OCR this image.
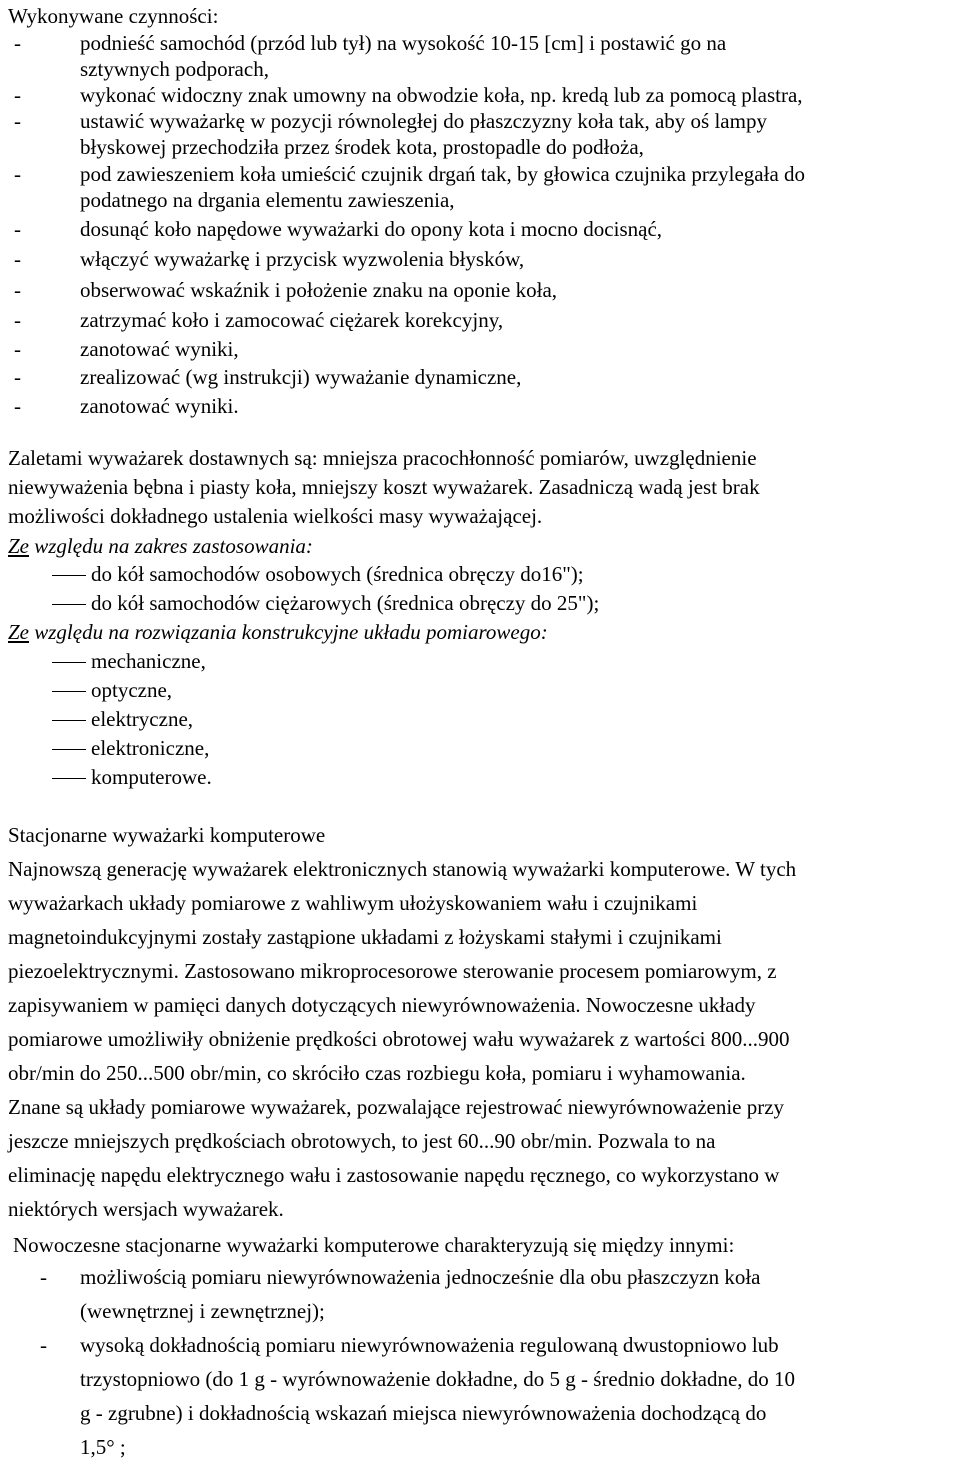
Wykonywane czynności:
-	podnieść samochód (przód lub tył) na wysokość 10-15 [cm] i postawić go na
sztywnych podporach,
-	wykonać widoczny znak umowny na obwodzie koła, np. kredą lub za pomocą plastra,
-	ustawić wyważarkę w pozycji równoległej do płaszczyzny koła tak, aby oś lampy
błyskowej przechodziła przez środek kota, prostopadle do podłoża,
-	pod zawieszeniem koła umieścić czujnik drgań tak, by głowica czujnika przylegała do
podatnego na drgania elementu zawieszenia,
-	dosunąć koło napędowe wyważarki do opony kota i mocno docisnąć,
-	włączyć wyważarkę i przycisk wyzwolenia błysków,
-	obserwować wskaźnik i położenie znaku na oponie koła,
-	zatrzymać koło i zamocować ciężarek korekcyjny,
-	zanotować wyniki,
-	zrealizować (wg instrukcji) wyważanie dynamiczne,
-	zanotować wyniki.
Zaletami wyważarek dostawnych są: mniejsza pracochłonność pomiarów, uwzględnienie
niewyważenia bębna i piasty koła, mniejszy koszt wyważarek. Zasadniczą wadą jest brak
możliwości dokładnego ustalenia wielkości masy wyważającej.
Ze względu na zakres zastosowania:
do kół samochodów osobowych (średnica obręczy do16");
do kół samochodów ciężarowych (średnica obręczy do 25");
Ze względu na rozwiązania konstrukcyjne układu pomiarowego:
mechaniczne,
optyczne,
elektryczne,
elektroniczne,
komputerowe.
Stacjonarne wyważarki komputerowe
Najnowszą generację wyważarek elektronicznych stanowią wyważarki komputerowe. W tych
wyważarkach układy pomiarowe z wahliwym ułożyskowaniem wału i czujnikami
magnetoindukcyjnymi zostały zastąpione układami z łożyskami stałymi i czujnikami
piezoelektrycznymi. Zastosowano mikroprocesorowe sterowanie procesem pomiarowym, z
zapisywaniem w pamięci danych dotyczących niewyrównoważenia. Nowoczesne układy
pomiarowe umożliwiły obniżenie prędkości obrotowej wału wyważarek z wartości 800...900
obr/min do 250...500 obr/min, co skróciło czas rozbiegu koła, pomiaru i wyhamowania.
Znane są układy pomiarowe wyważarek, pozwalające rejestrować niewyrównoważenie przy
jeszcze mniejszych prędkościach obrotowych, to jest 60...90 obr/min. Pozwala to na
eliminację napędu elektrycznego wału i zastosowanie napędu ręcznego, co wykorzystano w
niektórych wersjach wyważarek.
Nowoczesne stacjonarne wyważarki komputerowe charakteryzują się między innymi:
- możliwością pomiaru niewyrównoważenia jednocześnie dla obu płaszczyzn koła
(wewnętrznej i zewnętrznej);
- wysoką dokładnością pomiaru niewyrównoważenia regulowaną dwustopniowo lub
trzystopniowo (do 1 g - wyrównoważenie dokładne, do 5 g - średnio dokładne, do 10
g - zgrubne) i dokładnością wskazań miejsca niewyrównoważenia dochodzącą do
1,5° ;
